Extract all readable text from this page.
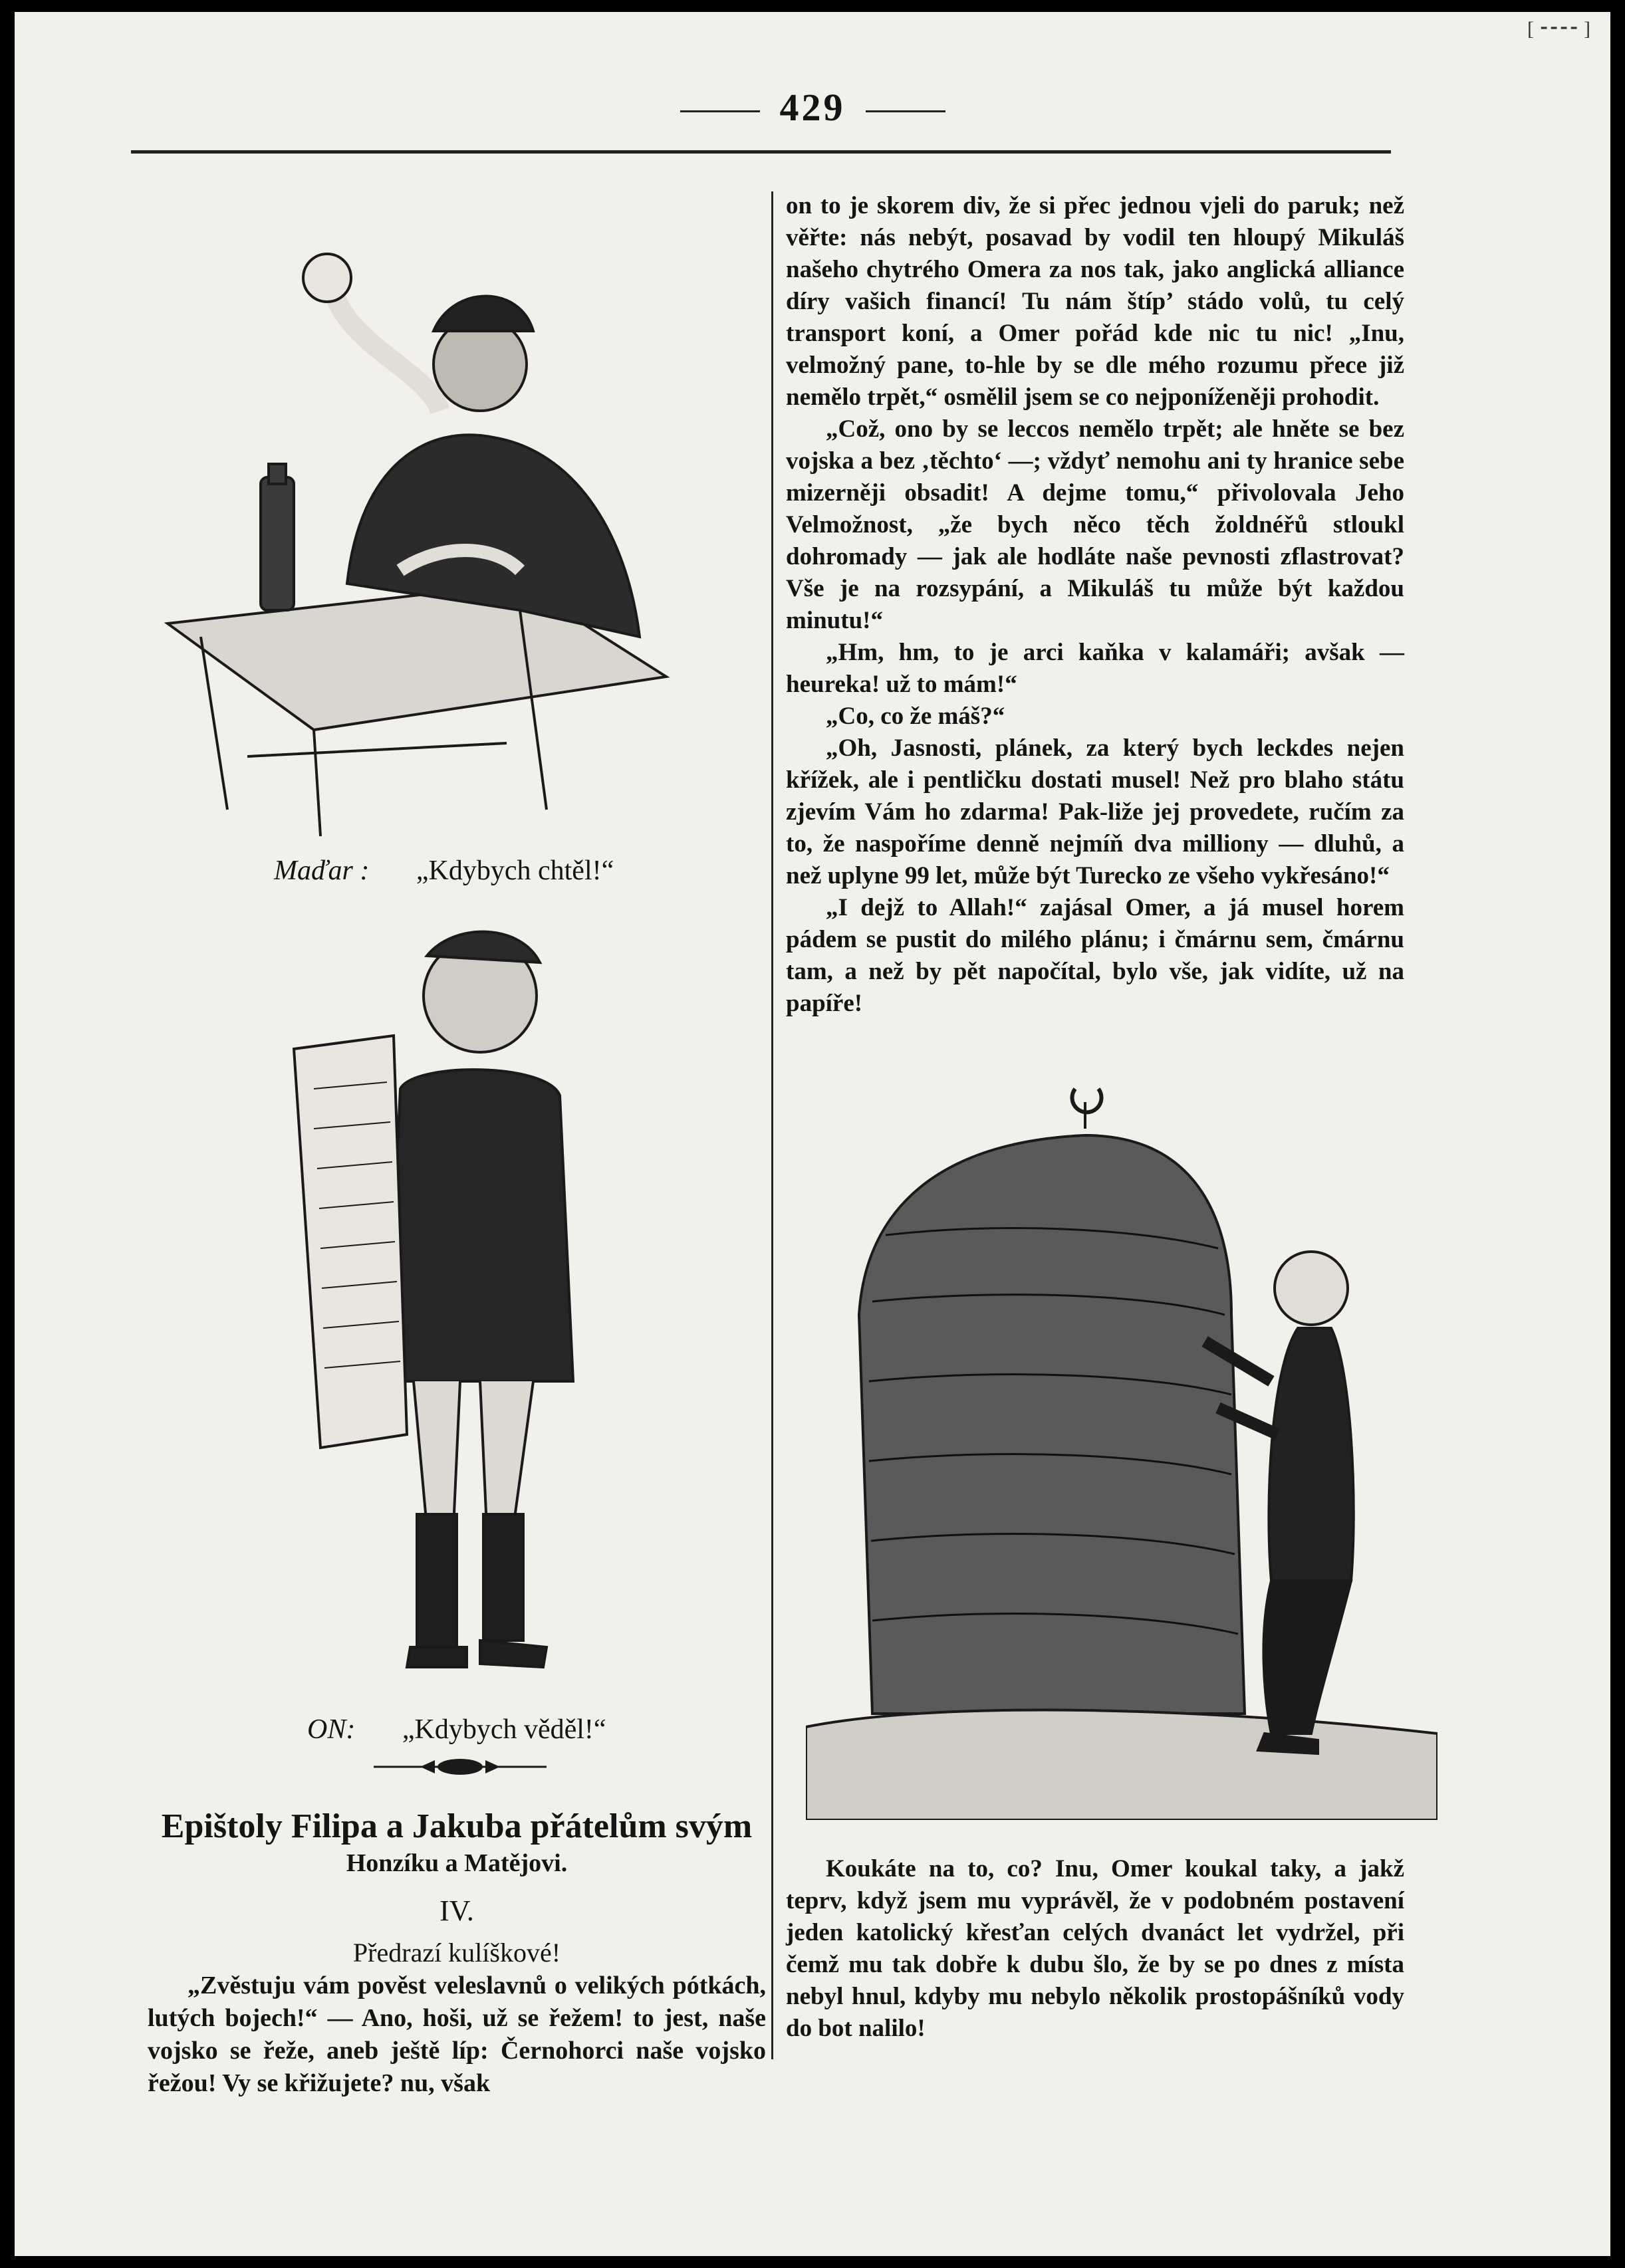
[ ⁃⁃⁃⁃ ]
429
Maďar : „Kdybych chtěl!“
ON: „Kdybych věděl!“
Epištoly Filipa a Jakuba přátelům svým
Honzíku a Matějovi.
IV.
Předrazí kulíškové!

„Zvěstuju vám pověst veleslavnů o velikých pótkách, lutých bojech!“ — Ano, hoši, už se řežem! to jest, naše vojsko se řeže, aneb ještě líp: Černohorci naše vojsko řežou! Vy se křižujete? nu, však

on to je skorem div, že si přec jednou vjeli do paruk; než věřte: nás nebýt, posavad by vodil ten hloupý Mikuláš našeho chytrého Omera za nos tak, jako anglická alliance díry vašich financí! Tu nám štíp’ stádo volů, tu celý transport koní, a Omer pořád kde nic tu nic! „Inu, velmožný pane, to-hle by se dle mého rozumu přece již nemělo trpět,“ osmělil jsem se co nejponíženěji prohodit.

„Což, ono by se leccos nemělo trpět; ale hněte se bez vojska a bez ‚těchto‘ —; vždyť nemohu ani ty hranice sebe mizerněji obsadit! A dejme tomu,“ přivolovala Jeho Velmožnost, „že bych něco těch žoldnéřů stloukl dohromady — jak ale hodláte naše pevnosti zflastrovat? Vše je na rozsypání, a Mikuláš tu může být každou minutu!“

„Hm, hm, to je arci kaňka v kalamáři; avšak — heureka! už to mám!“

„Co, co že máš?“

„Oh, Jasnosti, plánek, za který bych leckdes nejen křížek, ale i pentličku dostati musel! Než pro blaho státu zjevím Vám ho zdarma! Pak-liže jej provedete, ručím za to, že naspoříme denně nejmíň dva milliony — dluhů, a než uplyne 99 let, může být Turecko ze všeho vykřesáno!“

„I dejž to Allah!“ zajásal Omer, a já musel horem pádem se pustit do milého plánu; i čmárnu sem, čmárnu tam, a než by pět napočítal, bylo vše, jak vidíte, už na papíře!

Koukáte na to, co? Inu, Omer koukal taky, a jakž teprv, když jsem mu vyprávěl, že v podobném postavení jeden katolický křesťan celých dvanáct let vydržel, při čemž mu tak dobře k dubu šlo, že by se po dnes z místa nebyl hnul, kdyby mu nebylo několik prostopášníků vody do bot nalilo!
